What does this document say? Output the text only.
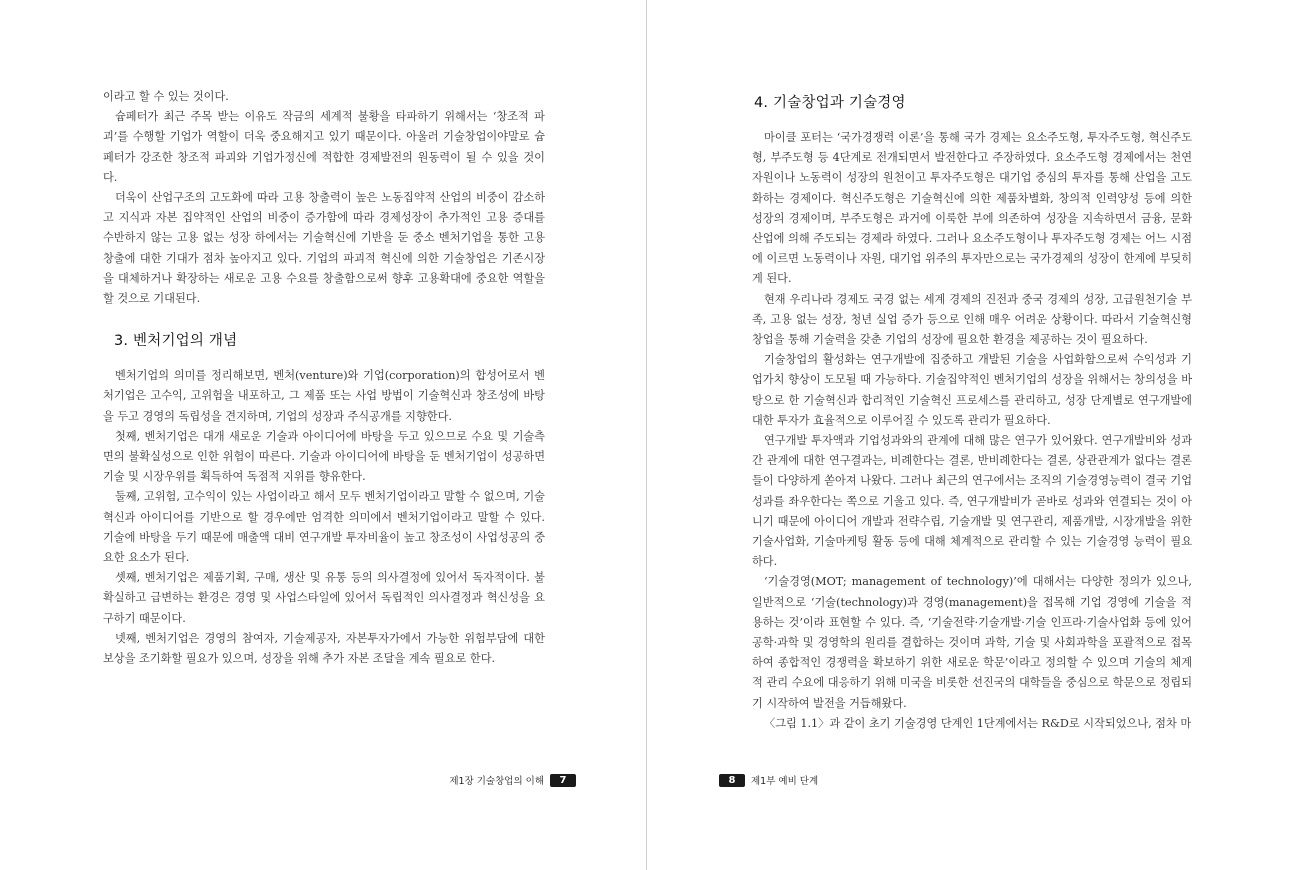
이라고 할 수 있는 것이다.

슘페터가 최근 주목 받는 이유도 작금의 세계적 불황을 타파하기 위해서는 ‘창조적 파괴’를 수행할 기업가 역할이 더욱 중요해지고 있기 때문이다. 아울러 기술창업이야말로 슘페터가 강조한 창조적 파괴와 기업가정신에 적합한 경제발전의 원동력이 될 수 있을 것이다.

더욱이 산업구조의 고도화에 따라 고용 창출력이 높은 노동집약적 산업의 비중이 감소하고 지식과 자본 집약적인 산업의 비중이 증가함에 따라 경제성장이 추가적인 고용 증대를 수반하지 않는 고용 없는 성장 하에서는 기술혁신에 기반을 둔 중소 벤처기업을 통한 고용창출에 대한 기대가 점차 높아지고 있다. 기업의 파괴적 혁신에 의한 기술창업은 기존시장을 대체하거나 확장하는 새로운 고용 수요를 창출함으로써 향후 고용확대에 중요한 역할을 할 것으로 기대된다.

3. 벤처기업의 개념

벤처기업의 의미를 정리해보면, 벤처(venture)와 기업(corporation)의 합성어로서 벤처기업은 고수익, 고위험을 내포하고, 그 제품 또는 사업 방법이 기술혁신과 창조성에 바탕을 두고 경영의 독립성을 견지하며, 기업의 성장과 주식공개를 지향한다.

첫째, 벤처기업은 대개 새로운 기술과 아이디어에 바탕을 두고 있으므로 수요 및 기술측면의 불확실성으로 인한 위험이 따른다. 기술과 아이디어에 바탕을 둔 벤처기업이 성공하면 기술 및 시장우위를 획득하여 독점적 지위를 향유한다.

둘째, 고위험, 고수익이 있는 사업이라고 해서 모두 벤처기업이라고 말할 수 없으며, 기술혁신과 아이디어를 기반으로 할 경우에만 엄격한 의미에서 벤처기업이라고 말할 수 있다. 기술에 바탕을 두기 때문에 매출액 대비 연구개발 투자비율이 높고 창조성이 사업성공의 중요한 요소가 된다.

셋째, 벤처기업은 제품기획, 구매, 생산 및 유통 등의 의사결정에 있어서 독자적이다. 불확실하고 급변하는 환경은 경영 및 사업스타일에 있어서 독립적인 의사결정과 혁신성을 요구하기 때문이다.

넷째, 벤처기업은 경영의 참여자, 기술제공자, 자본투자가에서 가능한 위험부담에 대한 보상을 조기화할 필요가 있으며, 성장을 위해 추가 자본 조달을 계속 필요로 한다.

제1장 기술창업의 이해	7
4. 기술창업과 기술경영

마이클 포터는 ‘국가경쟁력 이론’을 통해 국가 경제는 요소주도형, 투자주도형, 혁신주도형, 부주도형 등 4단계로 전개되면서 발전한다고 주장하였다. 요소주도형 경제에서는 천연자원이나 노동력이 성장의 원천이고 투자주도형은 대기업 중심의 투자를 통해 산업을 고도화하는 경제이다. 혁신주도형은 기술혁신에 의한 제품차별화, 창의적 인력양성 등에 의한 성장의 경제이며, 부주도형은 과거에 이룩한 부에 의존하여 성장을 지속하면서 금융, 문화산업에 의해 주도되는 경제라 하였다. 그러나 요소주도형이나 투자주도형 경제는 어느 시점에 이르면 노동력이나 자원, 대기업 위주의 투자만으로는 국가경제의 성장이 한계에 부딪히게 된다.

현재 우리나라 경제도 국경 없는 세계 경제의 진전과 중국 경제의 성장, 고급원천기술 부족, 고용 없는 성장, 청년 실업 증가 등으로 인해 매우 어려운 상황이다. 따라서 기술혁신형 창업을 통해 기술력을 갖춘 기업의 성장에 필요한 환경을 제공하는 것이 필요하다.

기술창업의 활성화는 연구개발에 집중하고 개발된 기술을 사업화함으로써 수익성과 기업가치 향상이 도모될 때 가능하다. 기술집약적인 벤처기업의 성장을 위해서는 창의성을 바탕으로 한 기술혁신과 합리적인 기술혁신 프로세스를 관리하고, 성장 단계별로 연구개발에 대한 투자가 효율적으로 이루어질 수 있도록 관리가 필요하다.

연구개발 투자액과 기업성과와의 관계에 대해 많은 연구가 있어왔다. 연구개발비와 성과 간 관계에 대한 연구결과는, 비례한다는 결론, 반비례한다는 결론, 상관관계가 없다는 결론들이 다양하게 쏟아져 나왔다. 그러나 최근의 연구에서는 조직의 기술경영능력이 결국 기업성과를 좌우한다는 쪽으로 기울고 있다. 즉, 연구개발비가 곧바로 성과와 연결되는 것이 아니기 때문에 아이디어 개발과 전략수립, 기술개발 및 연구관리, 제품개발, 시장개발을 위한 기술사업화, 기술마케팅 활동 등에 대해 체계적으로 관리할 수 있는 기술경영 능력이 필요하다.

‘기술경영(MOT; management of technology)’에 대해서는 다양한 정의가 있으나, 일반적으로 ‘기술(technology)과 경영(management)을 접목해 기업 경영에 기술을 적용하는 것’이라 표현할 수 있다. 즉, ‘기술전략·기술개발·기술 인프라·기술사업화 등에 있어 공학·과학 및 경영학의 원리를 결합하는 것이며 과학, 기술 및 사회과학을 포괄적으로 접목하여 종합적인 경쟁력을 확보하기 위한 새로운 학문’이라고 정의할 수 있으며 기술의 체계적 관리 수요에 대응하기 위해 미국을 비롯한 선진국의 대학들을 중심으로 학문으로 정립되기 시작하여 발전을 거듭해왔다.

〈그림 1.1〉과 같이 초기 기술경영 단계인 1단계에서는 R&D로 시작되었으나, 점차 마

8	제1부 예비 단계
